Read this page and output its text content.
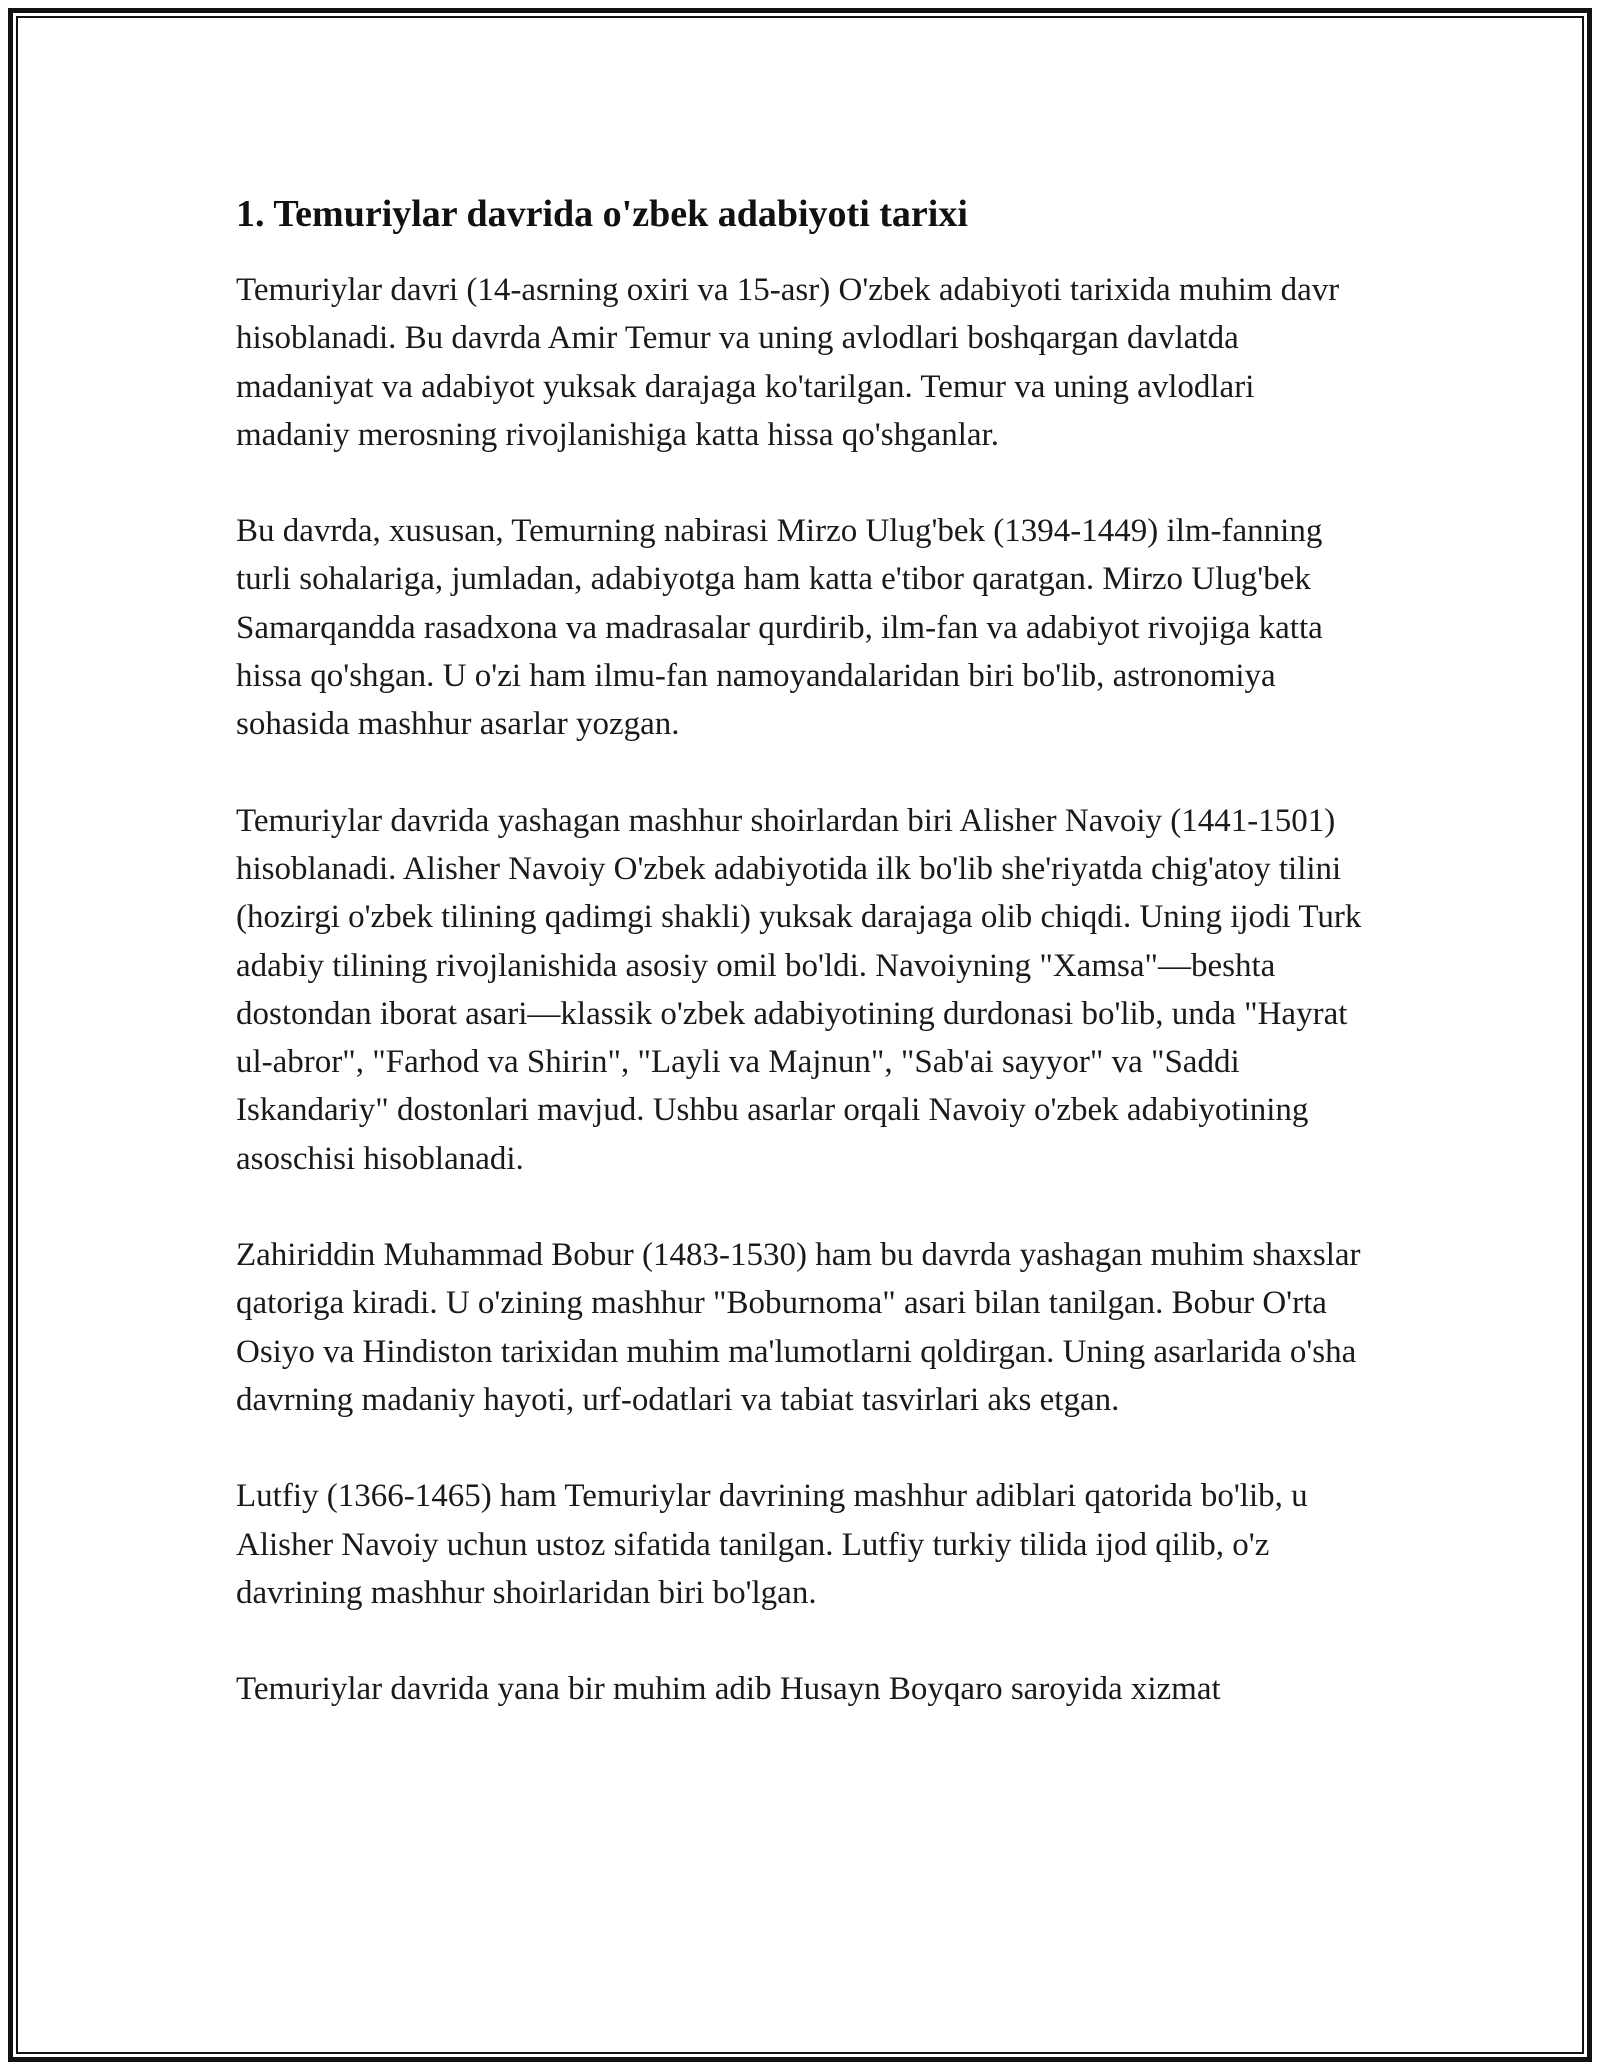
1. Temuriylar davrida o'zbek adabiyoti tarixi

Temuriylar davri (14-asrning oxiri va 15-asr) O'zbek adabiyoti tarixida muhim davr hisoblanadi. Bu davrda Amir Temur va uning avlodlari boshqargan davlatda madaniyat va adabiyot yuksak darajaga ko'tarilgan. Temur va uning avlodlari madaniy merosning rivojlanishiga katta hissa qo'shganlar.

Bu davrda, xususan, Temurning nabirasi Mirzo Ulug'bek (1394-1449) ilm-fanning turli sohalariga, jumladan, adabiyotga ham katta e'tibor qaratgan. Mirzo Ulug'bek Samarqandda rasadxona va madrasalar qurdirib, ilm-fan va adabiyot rivojiga katta hissa qo'shgan. U o'zi ham ilmu-fan namoyandalaridan biri bo'lib, astronomiya sohasida mashhur asarlar yozgan.

Temuriylar davrida yashagan mashhur shoirlardan biri Alisher Navoiy (1441-1501) hisoblanadi. Alisher Navoiy O'zbek adabiyotida ilk bo'lib she'riyatda chig'atoy tilini (hozirgi o'zbek tilining qadimgi shakli) yuksak darajaga olib chiqdi. Uning ijodi Turk adabiy tilining rivojlanishida asosiy omil bo'ldi. Navoiyning "Xamsa"—beshta dostondan iborat asari—klassik o'zbek adabiyotining durdonasi bo'lib, unda "Hayrat ul-abror", "Farhod va Shirin", "Layli va Majnun", "Sab'ai sayyor" va "Saddi Iskandariy" dostonlari mavjud. Ushbu asarlar orqali Navoiy o'zbek adabiyotining asoschisi hisoblanadi.

Zahiriddin Muhammad Bobur (1483-1530) ham bu davrda yashagan muhim shaxslar qatoriga kiradi. U o'zining mashhur "Boburnoma" asari bilan tanilgan. Bobur O'rta Osiyo va Hindiston tarixidan muhim ma'lumotlarni qoldirgan. Uning asarlarida o'sha davrning madaniy hayoti, urf-odatlari va tabiat tasvirlari aks etgan.

Lutfiy (1366-1465) ham Temuriylar davrining mashhur adiblari qatorida bo'lib, u Alisher Navoiy uchun ustoz sifatida tanilgan. Lutfiy turkiy tilida ijod qilib, o'z davrining mashhur shoirlaridan biri bo'lgan.

Temuriylar davrida yana bir muhim adib Husayn Boyqaro saroyida xizmat
